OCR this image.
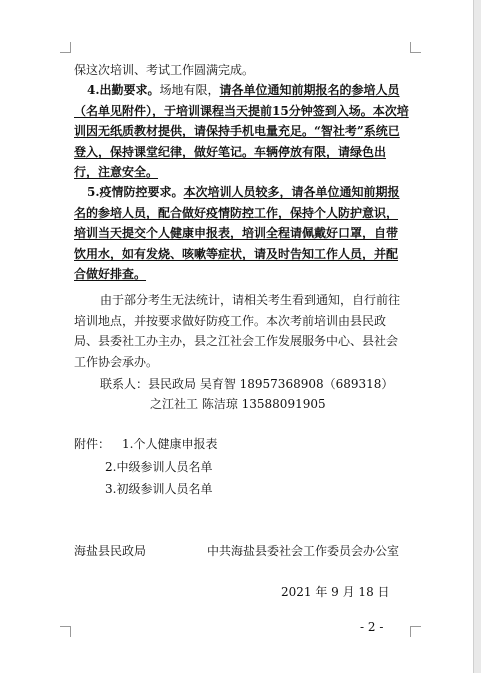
保这次培训、考试工作圆满完成。
4.出勤要求。场地有限，请各单位通知前期报名的参培人员（名单见附件），于培训课程当天提前15分钟签到入场。本次培训因无纸质教材提供，请保持手机电量充足。“智社考”系统已登入，保持课堂纪律，做好笔记。车辆停放有限，请绿色出行，注意安全。
5.疫情防控要求。本次培训人员较多，请各单位通知前期报名的参培人员，配合做好疫情防控工作，保持个人防护意识，培训当天提交个人健康申报表，培训全程请佩戴好口罩，自带饮用水，如有发烧、咳嗽等症状，请及时告知工作人员，并配合做好排查。
由于部分考生无法统计，请相关考生看到通知，自行前往培训地点，并按要求做好防疫工作。本次考前培训由县民政局、县委社工办主办，县之江社会工作发展服务中心、县社会工作协会承办。
联系人：县民政局 吴育智 18957368908（689318）
之江社工 陈洁琼 13588091905
附件： 1.个人健康申报表
2.中级参训人员名单
3.初级参训人员名单
海盐县民政局	中共海盐县委社会工作委员会办公室
2021 年 9 月 18 日
- 2 -
